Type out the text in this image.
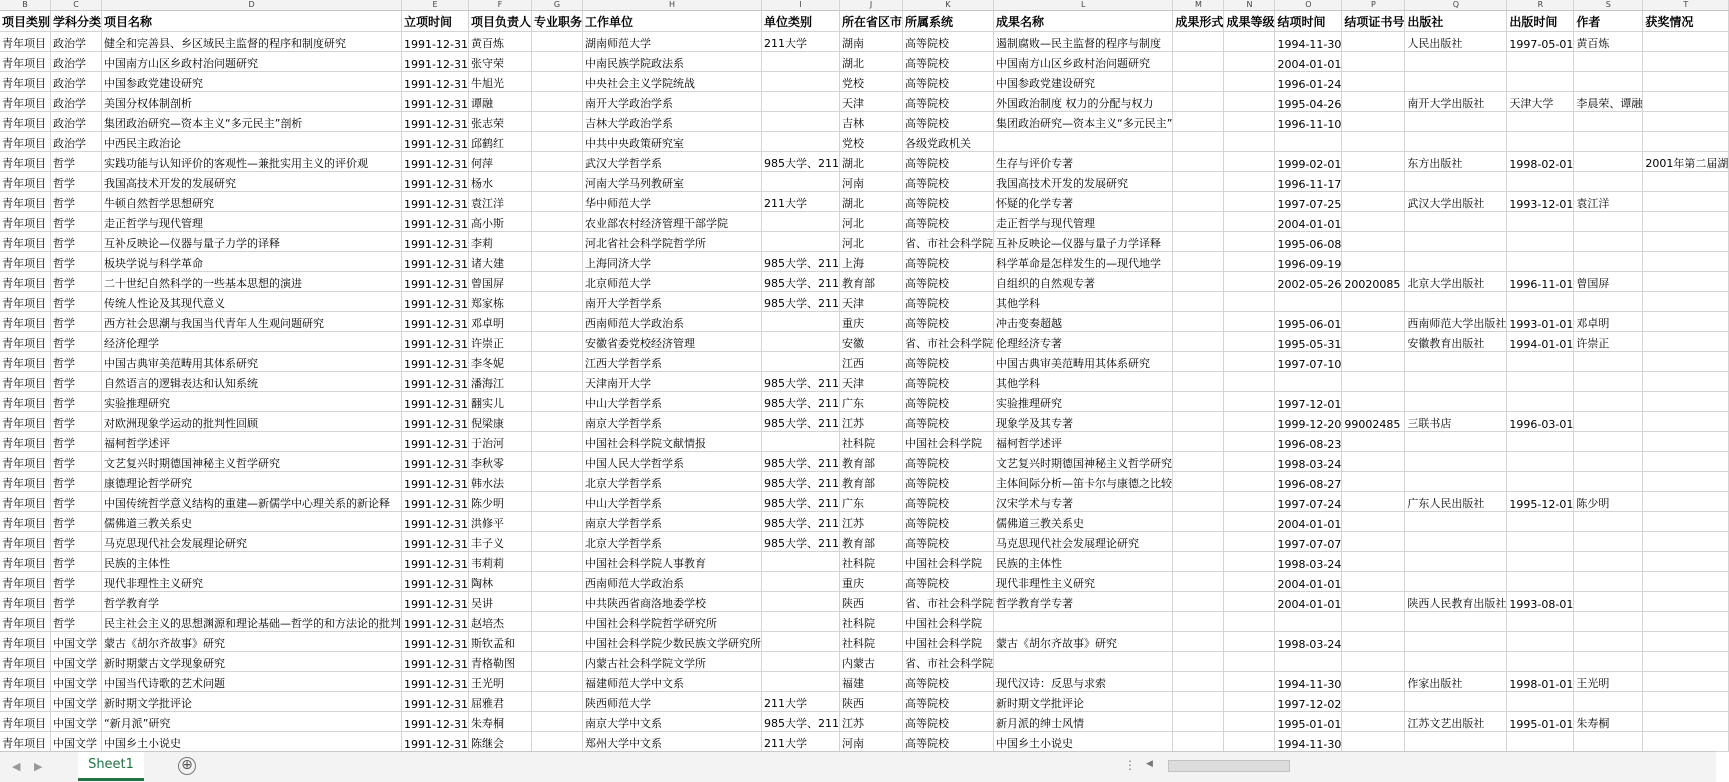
B	C	D	E	F	G	H	I	J	K	L	M	N	O	P	Q	R	S	T
项目类别	学科分类	项目名称	立项时间	项目负责人	专业职务	工作单位	单位类别	所在省区市	所属系统	成果名称	成果形式	成果等级	结项时间	结项证书号	出版社	出版时间	作者	获奖情况
青年项目	政治学	健全和完善县、乡区域民主监督的程序和制度研究	1991-12-31	黄百炼		湖南师范大学	211大学	湖南	高等院校	遏制腐败—民主监督的程序与制度			1994-11-30		人民出版社	1997-05-01	黄百炼	
青年项目	政治学	中国南方山区乡政村治问题研究	1991-12-31	张守荣		中南民族学院政法系		湖北	高等院校	中国南方山区乡政村治问题研究			2004-01-01					
青年项目	政治学	中国参政党建设研究	1991-12-31	牛旭光		中央社会主义学院统战		党校	高等院校	中国参政党建设研究			1996-01-24					
青年项目	政治学	美国分权体制剖析	1991-12-31	谭融		南开大学政治学系		天津	高等院校	外国政治制度 权力的分配与权力			1995-04-26		南开大学出版社	天津大学	李晨荣、谭融	
青年项目	政治学	集团政治研究—资本主义“多元民主”剖析	1991-12-31	张志荣		吉林大学政治学系		吉林	高等院校	集团政治研究—资本主义“多元民主”			1996-11-10					
青年项目	政治学	中西民主政治论	1991-12-31	邱鹤红		中共中央政策研究室		党校	各级党政机关									
青年项目	哲学	实践功能与认知评价的客观性—兼批实用主义的评价观	1991-12-31	何萍		武汉大学哲学系	985大学、211	湖北	高等院校	生存与评价专著			1999-02-01		东方出版社	1998-02-01		2001年第二届湖
青年项目	哲学	我国高技术开发的发展研究	1991-12-31	杨水		河南大学马列教研室		河南	高等院校	我国高技术开发的发展研究			1996-11-17					
青年项目	哲学	牛顿自然哲学思想研究	1991-12-31	袁江洋		华中师范大学	211大学	湖北	高等院校	怀疑的化学专著			1997-07-25		武汉大学出版社	1993-12-01	袁江洋	
青年项目	哲学	走正哲学与现代管理	1991-12-31	高小斯		农业部农村经济管理干部学院		河北	高等院校	走正哲学与现代管理			2004-01-01					
青年项目	哲学	互补反映论—仪器与量子力学的译释	1991-12-31	李莉		河北省社会科学院哲学所		河北	省、市社会科学院	互补反映论—仪器与量子力学译释			1995-06-08					
青年项目	哲学	板块学说与科学革命	1991-12-31	诸大建		上海同济大学	985大学、211	上海	高等院校	科学革命是怎样发生的—现代地学			1996-09-19					
青年项目	哲学	二十世纪自然科学的一些基本思想的演进	1991-12-31	曾国屏		北京师范大学	985大学、211	教育部	高等院校	自组织的自然观专著			2002-05-26	20020085	北京大学出版社	1996-11-01	曾国屏	
青年项目	哲学	传统人性论及其现代意义	1991-12-31	郑家栋		南开大学哲学系	985大学、211	天津	高等院校	其他学科								
青年项目	哲学	西方社会思潮与我国当代青年人生观问题研究	1991-12-31	邓卓明		西南师范大学政治系		重庆	高等院校	冲击变奏超越			1995-06-01		西南师范大学出版社	1993-01-01	邓卓明	
青年项目	哲学	经济伦理学	1991-12-31	许崇正		安徽省委党校经济管理		安徽	省、市社会科学院	伦理经济专著			1995-05-31		安徽教育出版社	1994-01-01	许崇正	
青年项目	哲学	中国古典审美范畴用其体系研究	1991-12-31	李冬妮		江西大学哲学系		江西	高等院校	中国古典审美范畴用其体系研究			1997-07-10					
青年项目	哲学	自然语言的逻辑表达和认知系统	1991-12-31	潘海江		天津南开大学	985大学、211	天津	高等院校	其他学科								
青年项目	哲学	实验推理研究	1991-12-31	翻实儿		中山大学哲学系	985大学、211	广东	高等院校	实验推理研究			1997-12-01					
青年项目	哲学	对欧洲现象学运动的批判性回顾	1991-12-31	倪梁康		南京大学哲学系	985大学、211	江苏	高等院校	现象学及其专著			1999-12-20	99002485	三联书店	1996-03-01		
青年项目	哲学	福柯哲学述评	1991-12-31	于治河		中国社会科学院文献情报		社科院	中国社会科学院	福柯哲学述评			1996-08-23					
青年项目	哲学	文艺复兴时期德国神秘主义哲学研究	1991-12-31	李秋零		中国人民大学哲学系	985大学、211	教育部	高等院校	文艺复兴时期德国神秘主义哲学研究			1998-03-24					
青年项目	哲学	康德理论哲学研究	1991-12-31	韩水法		北京大学哲学系	985大学、211	教育部	高等院校	主体间际分析—笛卡尔与康德之比较			1996-08-27					
青年项目	哲学	中国传统哲学意义结构的重建—新儒学中心理关系的新论释	1991-12-31	陈少明		中山大学哲学系	985大学、211	广东	高等院校	汉宋学术与专著			1997-07-24		广东人民出版社	1995-12-01	陈少明	
青年项目	哲学	儒佛道三教关系史	1991-12-31	洪修平		南京大学哲学系	985大学、211	江苏	高等院校	儒佛道三教关系史			2004-01-01					
青年项目	哲学	马克思现代社会发展理论研究	1991-12-31	丰子义		北京大学哲学系	985大学、211	教育部	高等院校	马克思现代社会发展理论研究			1997-07-07					
青年项目	哲学	民族的主体性	1991-12-31	韦莉莉		中国社会科学院人事教育		社科院	中国社会科学院	民族的主体性			1998-03-24					
青年项目	哲学	现代非理性主义研究	1991-12-31	陶林		西南师范大学政治系		重庆	高等院校	现代非理性主义研究			2004-01-01					
青年项目	哲学	哲学教育学	1991-12-31	吴讲		中共陕西省商洛地委学校		陕西	省、市社会科学院	哲学教育学专著			2004-01-01		陕西人民教育出版社	1993-08-01		
青年项目	哲学	民主社会主义的思想渊源和理论基础—哲学的和方法论的批判	1991-12-31	赵培杰		中国社会科学院哲学研究所		社科院	中国社会科学院									
青年项目	中国文学	蒙古《胡尔齐故事》研究	1991-12-31	斯钦孟和		中国社会科学院少数民族文学研究所		社科院	中国社会科学院	蒙古《胡尔齐故事》研究			1998-03-24					
青年项目	中国文学	新时期蒙古文学现象研究	1991-12-31	青格勒图		内蒙古社会科学院文学所		内蒙古	省、市社会科学院									
青年项目	中国文学	中国当代诗歌的艺术问题	1991-12-31	王光明		福建师范大学中文系		福建	高等院校	现代汉诗：反思与求索			1994-11-30		作家出版社	1998-01-01	王光明	
青年项目	中国文学	新时期文学批评论	1991-12-31	屈雅君		陕西师范大学	211大学	陕西	高等院校	新时期文学批评论			1997-12-02					
青年项目	中国文学	“新月派”研究	1991-12-31	朱寿桐		南京大学中文系	985大学、211	江苏	高等院校	新月派的绅士风情			1995-01-01		江苏文艺出版社	1995-01-01	朱寿桐	
青年项目	中国文学	中国乡土小说史	1991-12-31	陈继会		郑州大学中文系	211大学	河南	高等院校	中国乡土小说史			1994-11-30					
◀ ▶	Sheet1	⊕	⋮ ◀
